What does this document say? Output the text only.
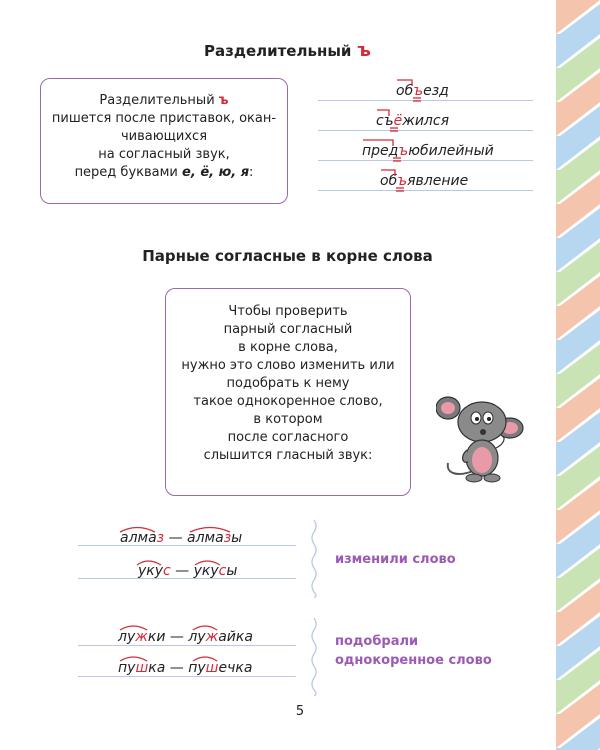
Разделительный ъ
Разделительный ъ
пишется после приставок, окан-
чивающихся
на согласный звук,
перед буквами е, ё, ю, я:
объезд
съёжился
предъюбилейный
объявление
Парные согласные в корне слова
Чтобы проверить
парный согласный
в корне слова,
нужно это слово изменить или
подобрать к нему
такое однокоренное слово,
в котором
после согласного
слышится гласный звук:
алмаз — алмазы
укус — укусы
изменили слово
лужки — лужайка
пушка — пушечка
подобрали
однокоренное слово
5
